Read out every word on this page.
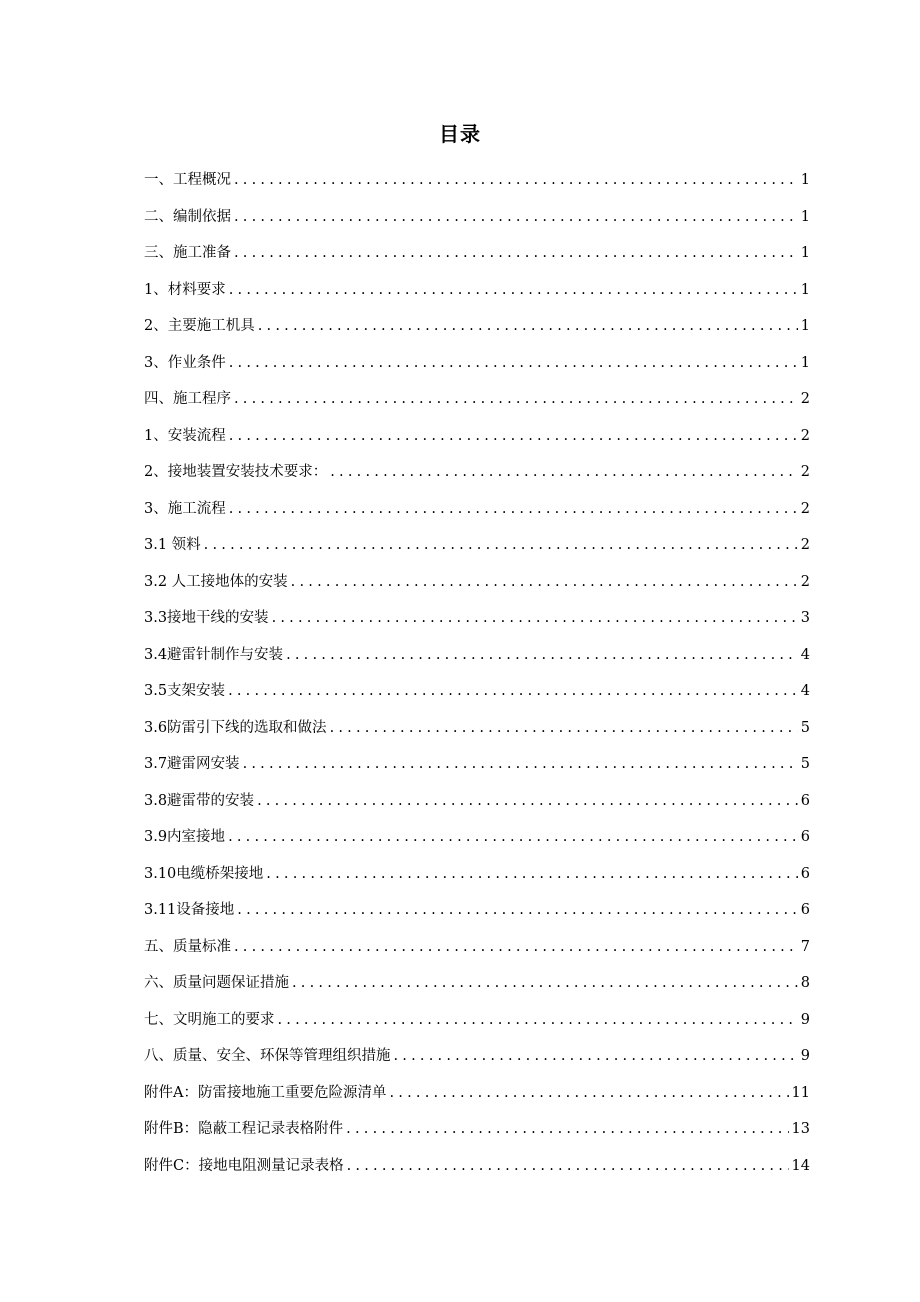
目录
一、工程概况 .....	1
二、编制依据 .....	1
三、施工准备 .....	1
1、材料要求 .....	1
2、主要施工机具 .....	1
3、作业条件 .....	1
四、施工程序 .....	2
1、安装流程 .....	2
2、接地装置安装技术要求： .....	2
3、施工流程 .....	2
3.1 领料 .....	2
3.2 人工接地体的安装 .....	2
3.3接地干线的安装 .....	3
3.4避雷针制作与安装 .....	4
3.5支架安装 .....	4
3.6防雷引下线的选取和做法 .....	5
3.7避雷网安装 .....	5
3.8避雷带的安装 .....	6
3.9内室接地 .....	6
3.10电缆桥架接地 .....	6
3.11设备接地 .....	6
五、质量标准 .....	7
六、质量问题保证措施 .....	8
七、文明施工的要求 .....	9
八、质量、安全、环保等管理组织措施 .....	9
附件A：防雷接地施工重要危险源清单 .....	11
附件B：隐蔽工程记录表格附件 .....	13
附件C：接地电阻测量记录表格 .....	14
